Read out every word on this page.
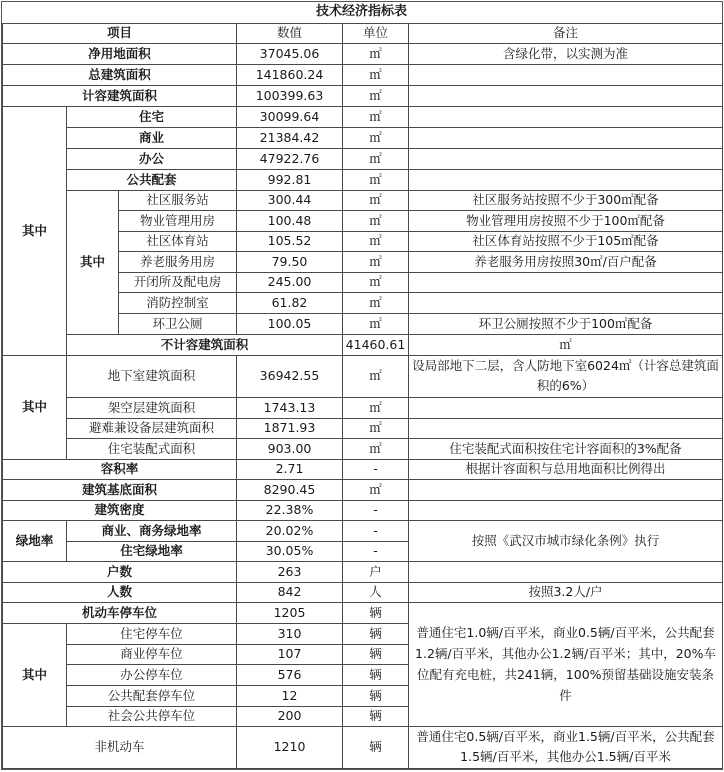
技术经济指标表						
项目			数值	单位	备注	
净用地面积			37045.06	㎡	含绿化带，以实测为准	
总建筑面积			141860.24	㎡		
计容建筑面积			100399.63	㎡		
其中	住宅		30099.64	㎡		
	商业		21384.42	㎡		
	办公		47922.76	㎡		
	公共配套		992.81	㎡		
	其中	社区服务站	300.44	㎡	社区服务站按照不少于300㎡配备	
		物业管理用房	100.48	㎡	物业管理用房按照不少于100㎡配备	
		社区体育站	105.52	㎡	社区体育站按照不少于105㎡配备	
		养老服务用房	79.50	㎡	养老服务用房按照30㎡/百户配备	
		开闭所及配电房	245.00	㎡		
		消防控制室	61.82	㎡		
		环卫公厕	100.05	㎡	环卫公厕按照不少于100㎡配备	
	不计容建筑面积			41460.61	㎡	
其中	地下室建筑面积		36942.55	㎡	设局部地下二层，含人防地下室6024㎡（计容总建筑面积的6%）	
	架空层建筑面积		1743.13	㎡		
	避难兼设备层建筑面积		1871.93	㎡		
	住宅装配式面积		903.00	㎡	住宅装配式面积按住宅计容面积的3%配备	
容积率			2.71	-	根据计容面积与总用地面积比例得出	
建筑基底面积			8290.45	㎡		
建筑密度			22.38%	-		
绿地率	商业、商务绿地率		20.02%	-	按照《武汉市城市绿化条例》执行	
	住宅绿地率		30.05%	-		
户数			263	户		
人数			842	人	按照3.2人/户	
机动车停车位			1205	辆	普通住宅1.0辆/百平米，商业0.5辆/百平米，公共配套1.2辆/百平米，其他办公1.2辆/百平米；其中，20%车位配有充电桩，共241辆，100%预留基础设施安装条件	
其中	住宅停车位		310	辆		
	商业停车位		107	辆		
	办公停车位		576	辆		
	公共配套停车位		12	辆		
	社会公共停车位		200	辆		
非机动车			1210	辆	普通住宅0.5辆/百平米，商业1.5辆/百平米，公共配套1.5辆/百平米，其他办公1.5辆/百平米	
